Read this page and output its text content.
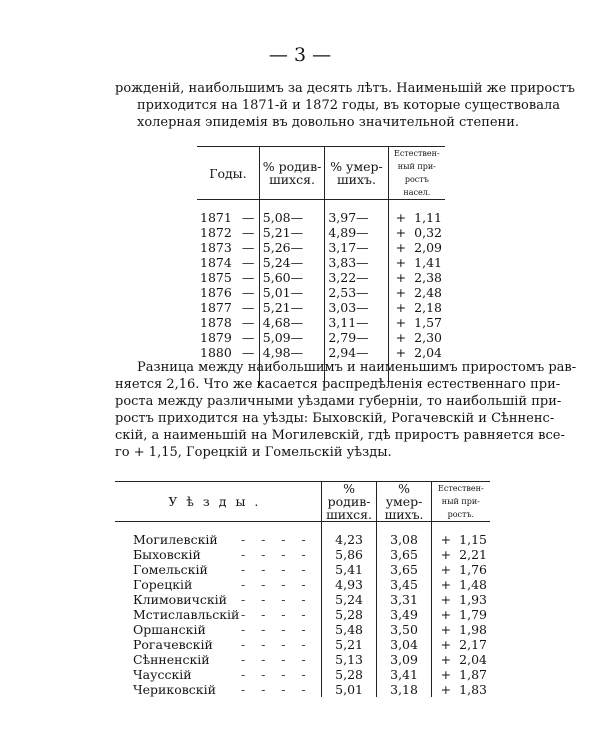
— 3 —

рожденій, наибольшимъ за десять лѣтъ. Наименьшій же приростъ

приходится на 1871-й и 1872 годы, въ которые существовала

холерная эпидемія въ довольно значительной степени.

Годы.	% родив-шихся.	% умер-шихъ.	Естествен-ный при-ростъ насел.

1871 —	5,08—	3,97—	+ 1,11
1872 —	5,21—	4,89—	+ 0,32
1873 —	5,26—	3,17—	+ 2,09
1874 —	5,24—	3,83—	+ 1,41
1875 —	5,60—	3,22—	+ 2,38
1876 —	5,01—	2,53—	+ 2,48
1877 —	5,21—	3,03—	+ 2,18
1878 —	4,68—	3,11—	+ 1,57
1879 —	5,09—	2,79—	+ 2,30
1880 —	4,98—	2,94—	+ 2,04

Разница между наибольшимъ и наименьшимъ приростомъ рав-

няется 2,16. Что же касается распредѣленія естественнаго при-

роста между различными уѣздами губерніи, то наибольшій при-

ростъ приходится на уѣзды: Быховскій, Рогачевскій и Сѣнненс-

скій, а наименьшій на Могилевскій, гдѣ приростъ равняется все-

го + 1,15, Горецкій и Гомельскій уѣзды.

Уѣзды.	% родив-шихся.	% умер-шихъ.	Естествен-ный при-ростъ.

Могилевскій -    -    -    -	4,23	3,08	+ 1,15
Быховскій -    -    -    -	5,86	3,65	+ 2,21
Гомельскій -    -    -    -	5,41	3,65	+ 1,76
Горецкій -    -    -    -	4,93	3,45	+ 1,48
Климовичскій -    -    -    -	5,24	3,31	+ 1,93
Мстиславльскій -    -    -    -	5,28	3,49	+ 1,79
Оршанскій -    -    -    -	5,48	3,50	+ 1,98
Рогачевскій -    -    -    -	5,21	3,04	+ 2,17
Сѣнненскій -    -    -    -	5,13	3,09	+ 2,04
Чаусскій -    -    -    -	5,28	3,41	+ 1,87
Чериковскій -    -    -    -	5,01	3,18	+ 1,83
